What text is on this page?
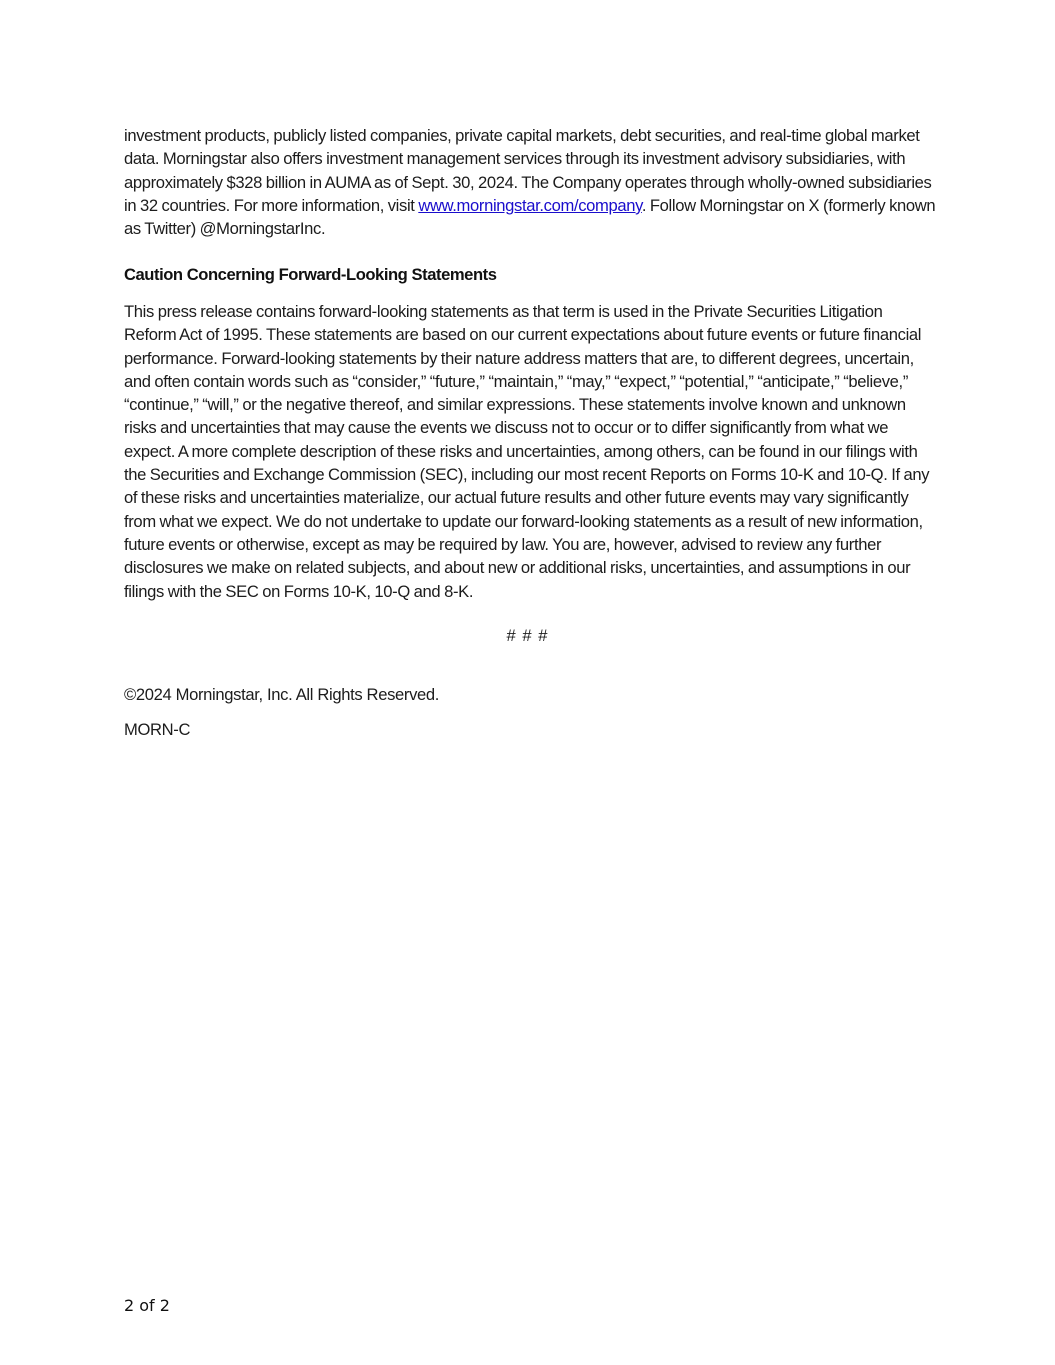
investment products, publicly listed companies, private capital markets, debt securities, and real-time global market data. Morningstar also offers investment management services through its investment advisory subsidiaries, with approximately $328 billion in AUMA as of Sept. 30, 2024. The Company operates through wholly-owned subsidiaries in 32 countries. For more information, visit www.morningstar.com/company. Follow Morningstar on X (formerly known as Twitter) @MorningstarInc.

Caution Concerning Forward-Looking Statements

This press release contains forward-looking statements as that term is used in the Private Securities Litigation Reform Act of 1995. These statements are based on our current expectations about future events or future financial performance. Forward-looking statements by their nature address matters that are, to different degrees, uncertain, and often contain words such as “consider,” “future,” “maintain,” “may,” “expect,” “potential,” “anticipate,” “believe,” “continue,” “will,” or the negative thereof, and similar expressions. These statements involve known and unknown risks and uncertainties that may cause the events we discuss not to occur or to differ significantly from what we expect. A more complete description of these risks and uncertainties, among others, can be found in our filings with the Securities and Exchange Commission (SEC), including our most recent Reports on Forms 10-K and 10-Q. If any of these risks and uncertainties materialize, our actual future results and other future events may vary significantly from what we expect. We do not undertake to update our forward-looking statements as a result of new information, future events or otherwise, except as may be required by law. You are, however, advised to review any further disclosures we make on related subjects, and about new or additional risks, uncertainties, and assumptions in our filings with the SEC on Forms 10-K, 10-Q and 8-K.

# # #

©2024 Morningstar, Inc. All Rights Reserved.

MORN-C

2 of 2
